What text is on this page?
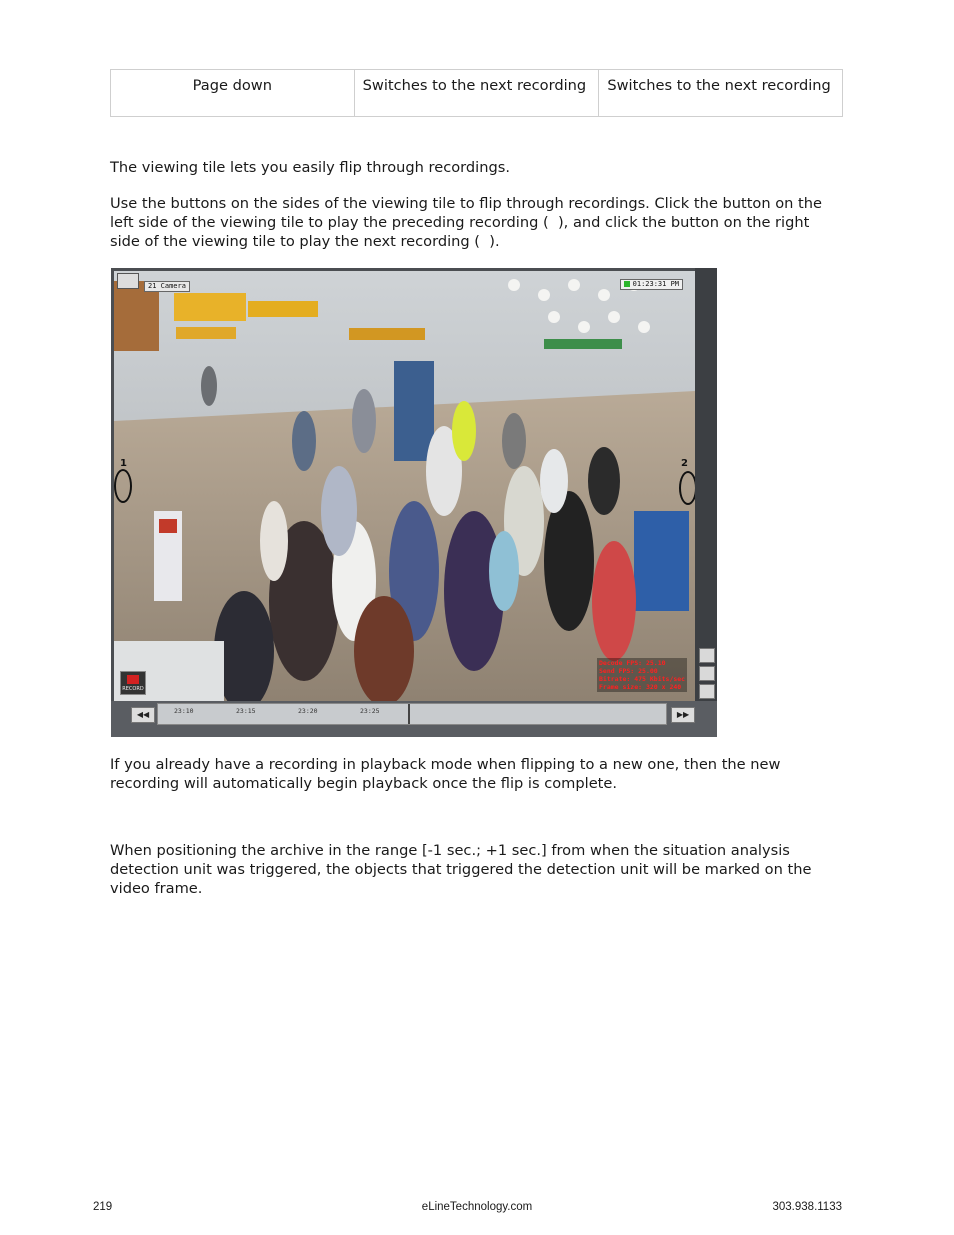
Page down	Switches to the next recording	Switches to the next recording
The viewing tile lets you easily flip through recordings.
Use the buttons on the sides of the viewing tile to flip through recordings. Click the button on the left side of the viewing tile to play the preceding recording (  ), and click the button on the right side of the viewing tile to play the next recording (  ).
21 Camera	01:23:31 PM
RECORD
Decode FPS: 25.10
Send FPS: 25.00
Bitrate: 475 Kbits/sec
Frame size: 320 x 240
1	2
◀◀	23:10	23:15	23:20	23:25	▶▶
If you already have a recording in playback mode when flipping to a new one, then the new recording will automatically begin playback once the flip is complete.
When positioning the archive in the range [-1 sec.; +1 sec.] from when the situation analysis detection unit was triggered, the objects that triggered the detection unit will be marked on the video frame.
219	eLineTechnology.com	303.938.1133
